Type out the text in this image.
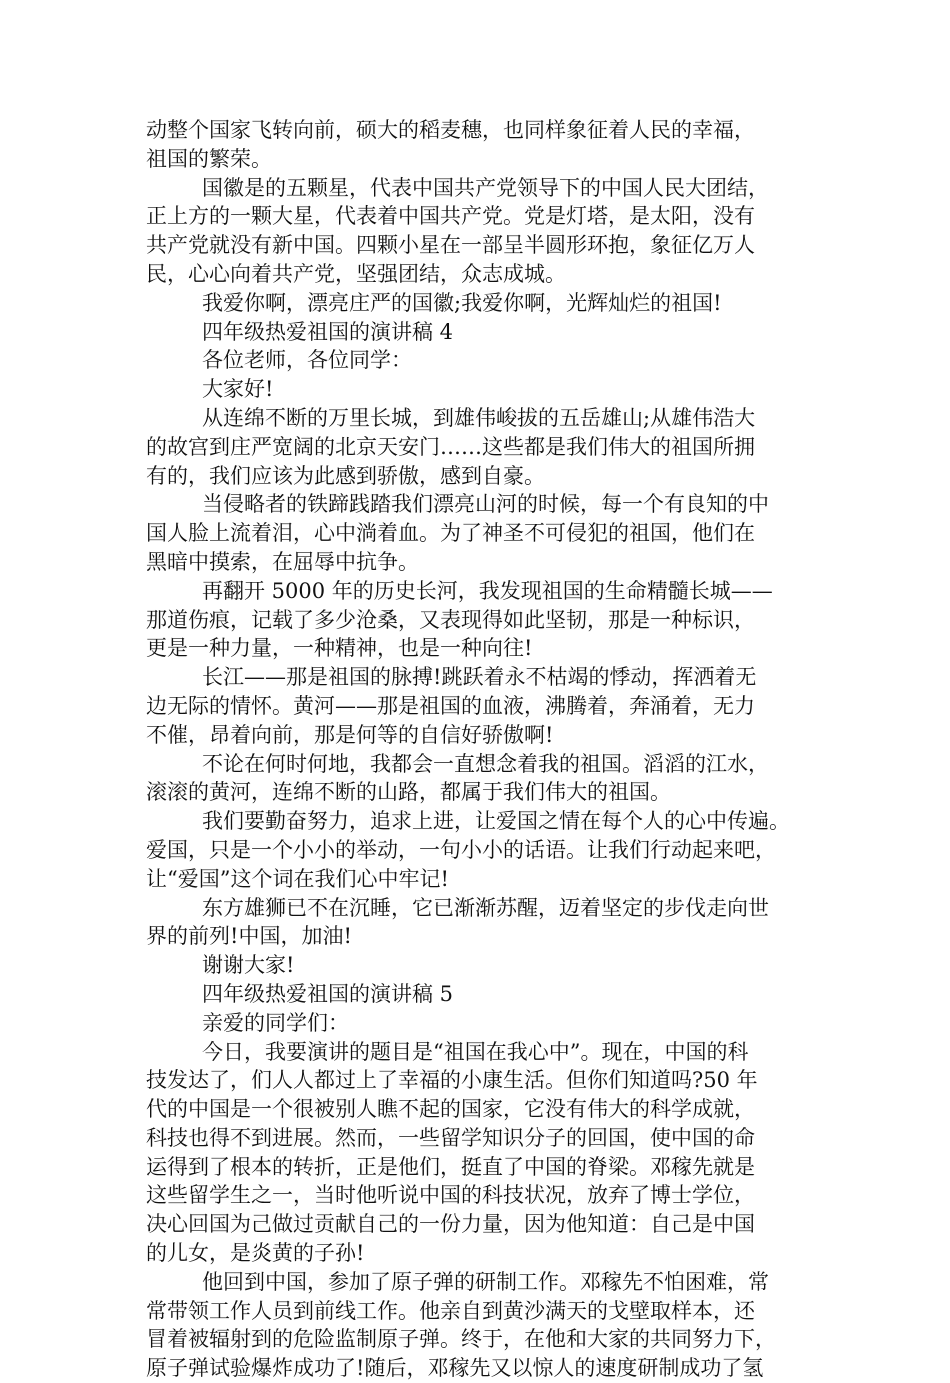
动整个国家飞转向前，硕大的稻麦穗，也同样象征着人民的幸福，
祖国的繁荣。
国徽是的五颗星，代表中国共产党领导下的中国人民大团结，
正上方的一颗大星，代表着中国共产党。党是灯塔，是太阳，没有
共产党就没有新中国。四颗小星在一部呈半圆形环抱，象征亿万人
民，心心向着共产党，坚强团结，众志成城。
我爱你啊，漂亮庄严的国徽;我爱你啊，光辉灿烂的祖国!
四年级热爱祖国的演讲稿 4
各位老师，各位同学：
大家好!
从连绵不断的万里长城，到雄伟峻拔的五岳雄山;从雄伟浩大
的故宫到庄严宽阔的北京天安门……这些都是我们伟大的祖国所拥
有的，我们应该为此感到骄傲，感到自豪。
当侵略者的铁蹄践踏我们漂亮山河的时候，每一个有良知的中
国人脸上流着泪，心中淌着血。为了神圣不可侵犯的祖国，他们在
黑暗中摸索，在屈辱中抗争。
再翻开 5000 年的历史长河，我发现祖国的生命精髓长城——
那道伤痕，记载了多少沧桑，又表现得如此坚韧，那是一种标识，
更是一种力量，一种精神，也是一种向往!
长江——那是祖国的脉搏!跳跃着永不枯竭的悸动，挥洒着无
边无际的情怀。黄河——那是祖国的血液，沸腾着，奔涌着，无力
不催，昂着向前，那是何等的自信好骄傲啊!
不论在何时何地，我都会一直想念着我的祖国。滔滔的江水，
滚滚的黄河，连绵不断的山路，都属于我们伟大的祖国。
我们要勤奋努力，追求上进，让爱国之情在每个人的心中传遍。
爱国，只是一个小小的举动，一句小小的话语。让我们行动起来吧，
让“爱国”这个词在我们心中牢记!
东方雄狮已不在沉睡，它已渐渐苏醒，迈着坚定的步伐走向世
界的前列!中国，加油!
谢谢大家!
四年级热爱祖国的演讲稿 5
亲爱的同学们：
今日，我要演讲的题目是“祖国在我心中”。现在，中国的科
技发达了，们人人都过上了幸福的小康生活。但你们知道吗?50 年
代的中国是一个很被别人瞧不起的国家，它没有伟大的科学成就，
科技也得不到进展。然而，一些留学知识分子的回国，使中国的命
运得到了根本的转折，正是他们，挺直了中国的脊梁。邓稼先就是
这些留学生之一，当时他听说中国的科技状况，放弃了博士学位，
决心回国为己做过贡献自己的一份力量，因为他知道：自己是中国
的儿女，是炎黄的子孙!
他回到中国，参加了原子弹的研制工作。邓稼先不怕困难，常
常带领工作人员到前线工作。他亲自到黄沙满天的戈壁取样本，还
冒着被辐射到的危险监制原子弹。终于，在他和大家的共同努力下，
原子弹试验爆炸成功了!随后，邓稼先又以惊人的速度研制成功了氢
